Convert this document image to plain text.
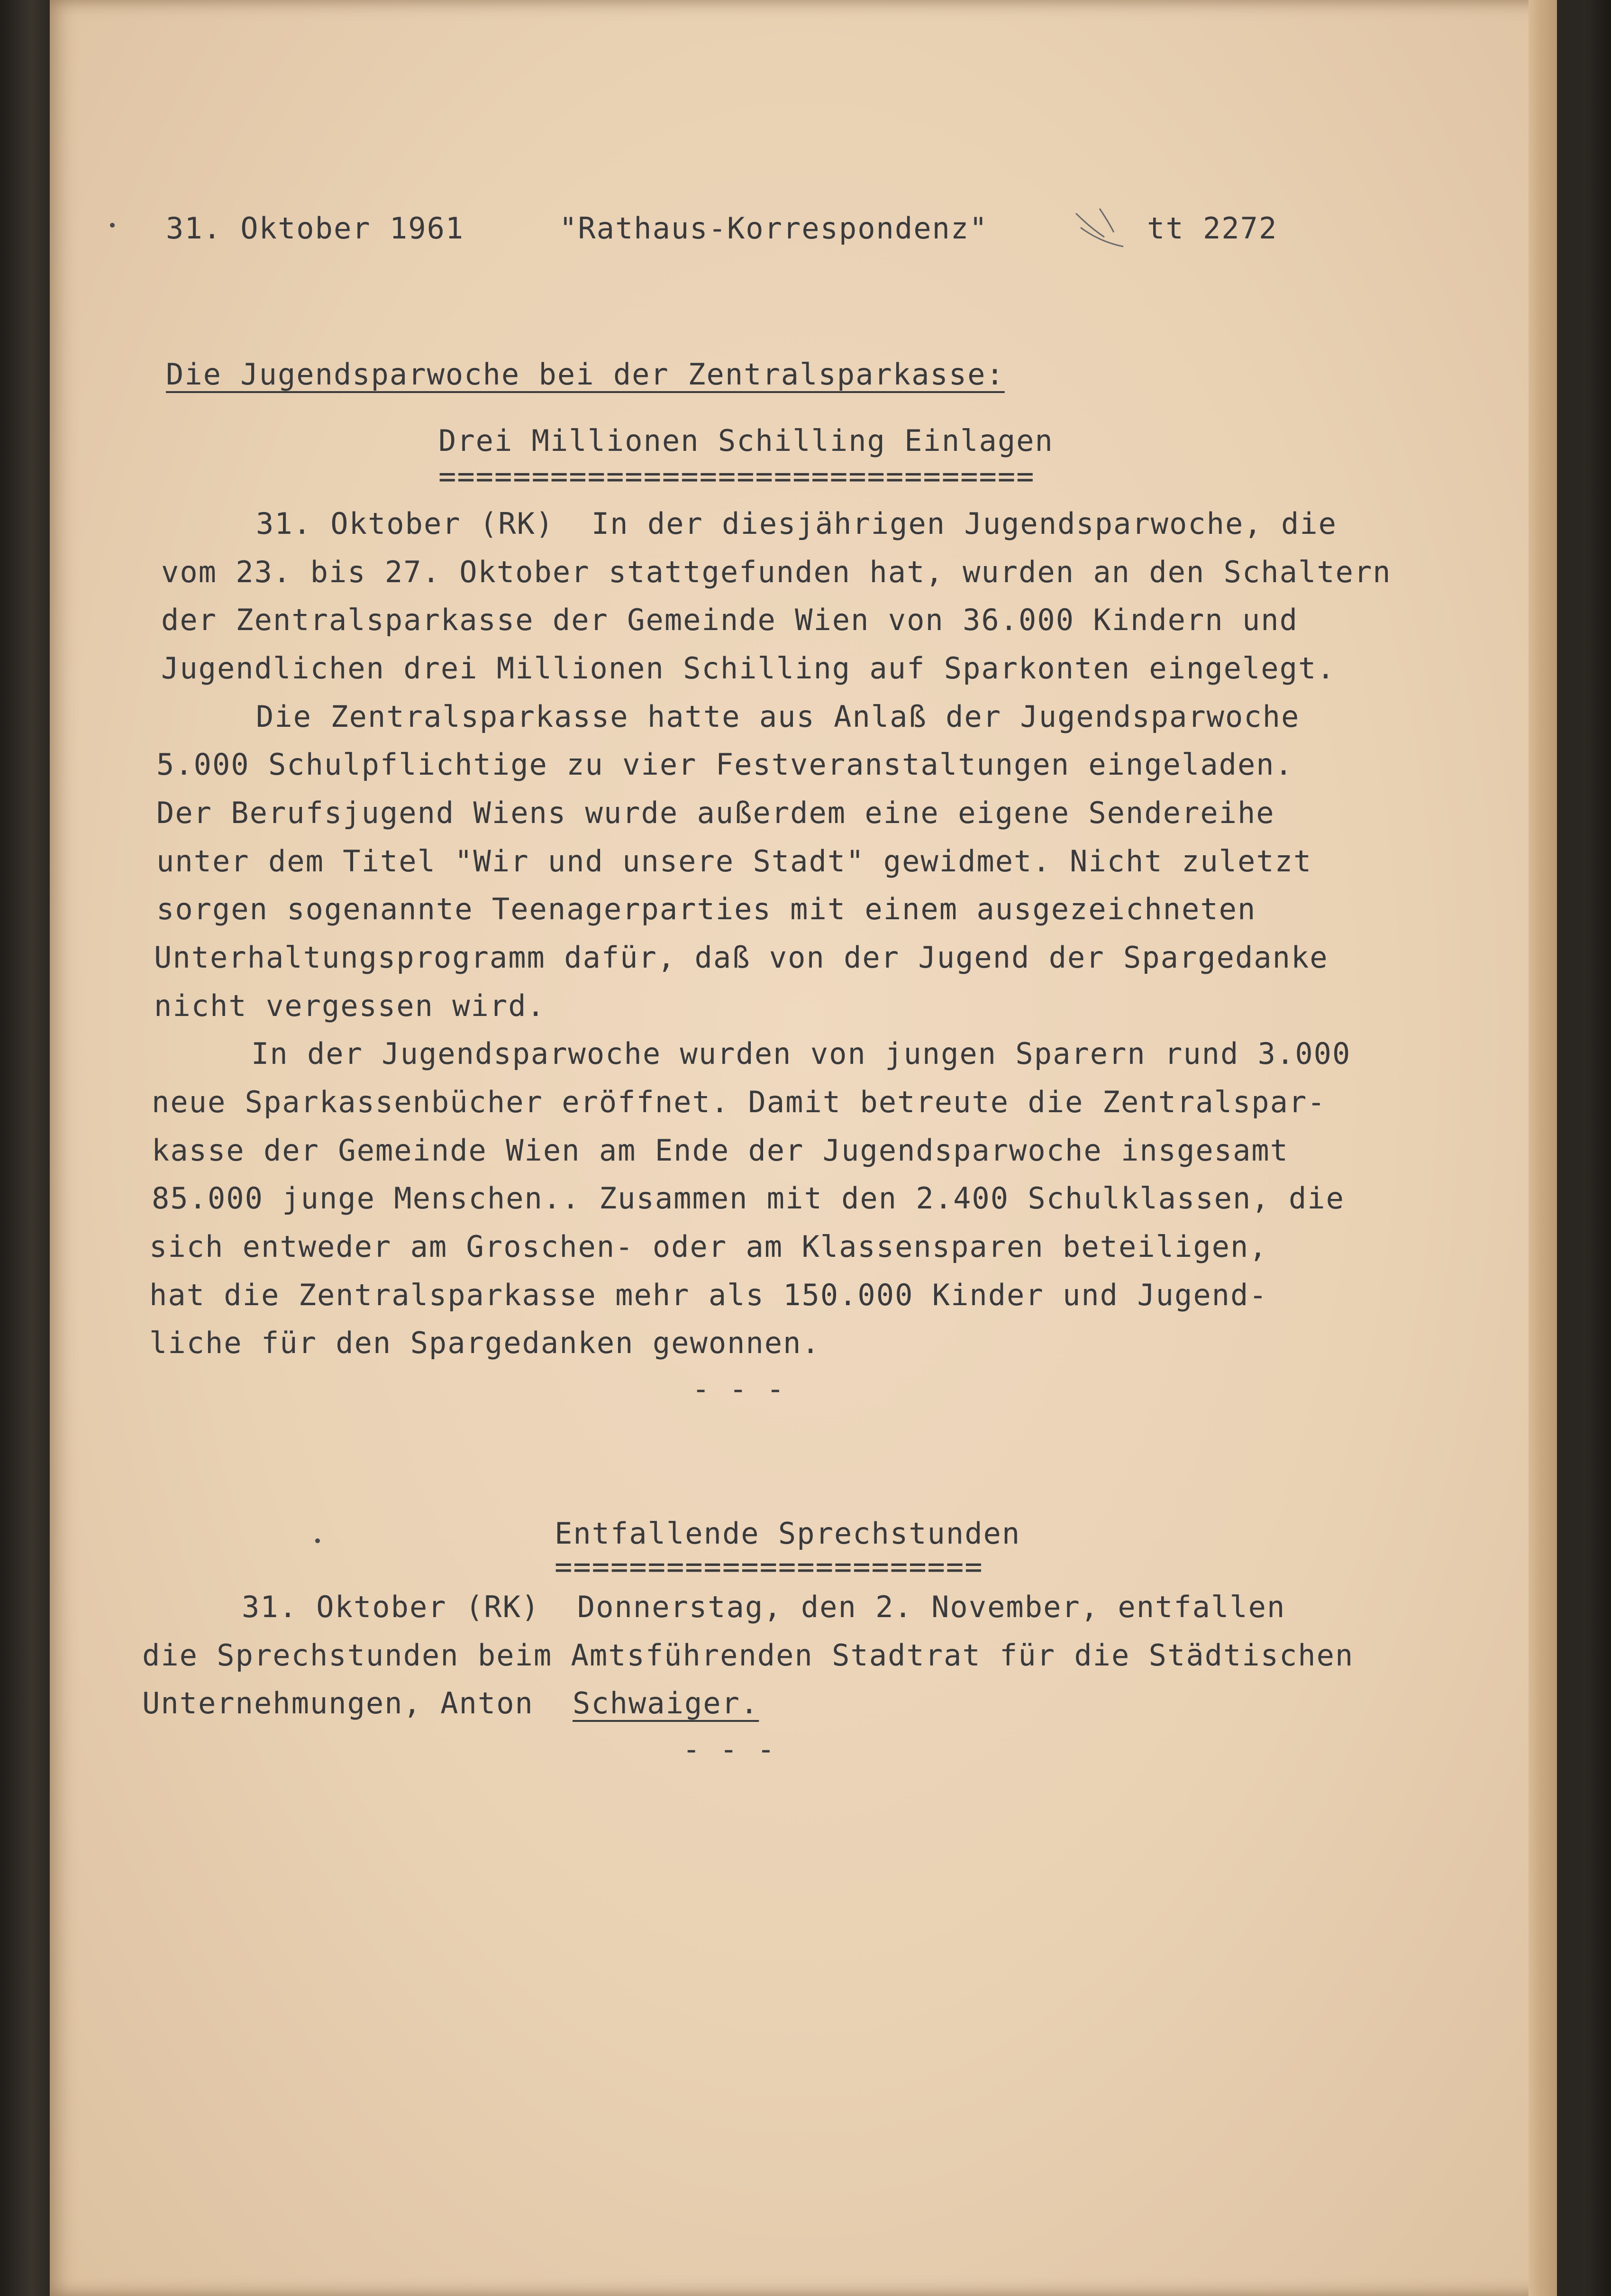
31. Oktober 1961	"Rathaus-Korrespondenz"	tt 2272
Die Jugendsparwoche bei der Zentralsparkasse:
Drei Millionen Schilling Einlagen
================================
31. Oktober (RK)  In der diesjährigen Jugendsparwoche, die
vom 23. bis 27. Oktober stattgefunden hat, wurden an den Schaltern
der Zentralsparkasse der Gemeinde Wien von 36.000 Kindern und
Jugendlichen drei Millionen Schilling auf Sparkonten eingelegt.
Die Zentralsparkasse hatte aus Anlaß der Jugendsparwoche
5.000 Schulpflichtige zu vier Festveranstaltungen eingeladen.
Der Berufsjugend Wiens wurde außerdem eine eigene Sendereihe
unter dem Titel "Wir und unsere Stadt" gewidmet. Nicht zuletzt
sorgen sogenannte Teenagerparties mit einem ausgezeichneten
Unterhaltungsprogramm dafür, daß von der Jugend der Spargedanke
nicht vergessen wird.
In der Jugendsparwoche wurden von jungen Sparern rund 3.000
neue Sparkassenbücher eröffnet. Damit betreute die Zentralspar-
kasse der Gemeinde Wien am Ende der Jugendsparwoche insgesamt
85.000 junge Menschen.. Zusammen mit den 2.400 Schulklassen, die
sich entweder am Groschen- oder am Klassensparen beteiligen,
hat die Zentralsparkasse mehr als 150.000 Kinder und Jugend-
liche für den Spargedanken gewonnen.
- - -
Entfallende Sprechstunden
=======================
31. Oktober (RK)  Donnerstag, den 2. November, entfallen
die Sprechstunden beim Amtsführenden Stadtrat für die Städtischen
Unternehmungen, Anton Schwaiger.
- - -
